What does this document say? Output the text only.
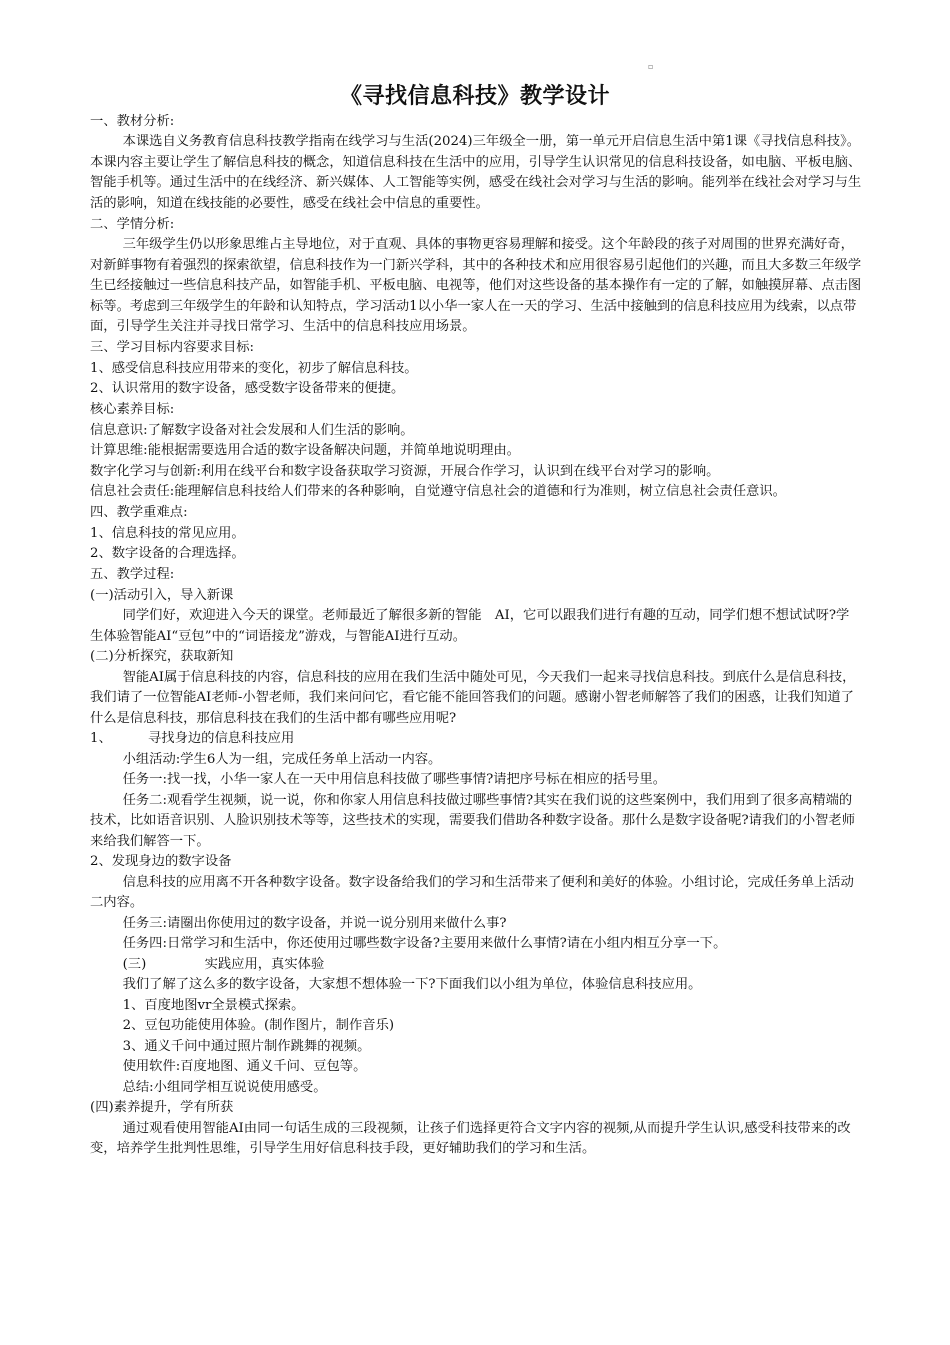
▫
《寻找信息科技》教学设计

一、教材分析:

本课选自义务教育信息科技教学指南在线学习与生活(2024)三年级全一册，第一单元开启信息生活中第1课《寻找信息科技》。本课内容主要让学生了解信息科技的概念，知道信息科技在生活中的应用，引导学生认识常见的信息科技设备，如电脑、平板电脑、智能手机等。通过生活中的在线经济、新兴媒体、人工智能等实例，感受在线社会对学习与生活的影响。能列举在线社会对学习与生活的影响，知道在线技能的必要性，感受在线社会中信息的重要性。

二、学情分析:

三年级学生仍以形象思维占主导地位，对于直观、具体的事物更容易理解和接受。这个年龄段的孩子对周围的世界充满好奇，对新鲜事物有着强烈的探索欲望，信息科技作为一门新兴学科，其中的各种技术和应用很容易引起他们的兴趣，而且大多数三年级学生已经接触过一些信息科技产品，如智能手机、平板电脑、电视等，他们对这些设备的基本操作有一定的了解，如触摸屏幕、点击图标等。考虑到三年级学生的年龄和认知特点，学习活动1以小华一家人在一天的学习、生活中接触到的信息科技应用为线索，以点带面，引导学生关注并寻找日常学习、生活中的信息科技应用场景。

三、学习目标内容要求目标:

1、感受信息科技应用带来的变化，初步了解信息科技。

2、认识常用的数字设备，感受数字设备带来的便捷。

核心素养目标:

信息意识:了解数字设备对社会发展和人们生活的影响。

计算思维:能根据需要选用合适的数字设备解决问题，并简单地说明理由。

数字化学习与创新:利用在线平台和数字设备获取学习资源，开展合作学习，认识到在线平台对学习的影响。

信息社会责任:能理解信息科技给人们带来的各种影响，自觉遵守信息社会的道德和行为准则，树立信息社会责任意识。

四、教学重难点:

1、信息科技的常见应用。

2、数字设备的合理选择。

五、教学过程:

(一)活动引入，导入新课

同学们好，欢迎进入今天的课堂。老师最近了解很多新的智能　AI，它可以跟我们进行有趣的互动，同学们想不想试试呀?学生体验智能AI“豆包”中的“词语接龙”游戏，与智能AI进行互动。

(二)分析探究，获取新知

智能AI属于信息科技的内容，信息科技的应用在我们生活中随处可见，今天我们一起来寻找信息科技。到底什么是信息科技，我们请了一位智能AI老师-小智老师，我们来问问它，看它能不能回答我们的问题。感谢小智老师解答了我们的困惑，让我们知道了什么是信息科技，那信息科技在我们的生活中都有哪些应用呢?

1、	寻找身边的信息科技应用

小组活动:学生6人为一组，完成任务单上活动一内容。

任务一:找一找，小华一家人在一天中用信息科技做了哪些事情?请把序号标在相应的括号里。

任务二:观看学生视频，说一说，你和你家人用信息科技做过哪些事情?其实在我们说的这些案例中，我们用到了很多高精端的技术，比如语音识别、人脸识别技术等等，这些技术的实现，需要我们借助各种数字设备。那什么是数字设备呢?请我们的小智老师来给我们解答一下。

2、发现身边的数字设备

信息科技的应用离不开各种数字设备。数字设备给我们的学习和生活带来了便利和美好的体验。小组讨论，完成任务单上活动二内容。

任务三:请圈出你使用过的数字设备，并说一说分别用来做什么事?

任务四:日常学习和生活中，你还使用过哪些数字设备?主要用来做什么事情?请在小组内相互分享一下。

(三)	实践应用，真实体验

我们了解了这么多的数字设备，大家想不想体验一下?下面我们以小组为单位，体验信息科技应用。

1、百度地图vr全景模式探索。

2、豆包功能使用体验。(制作图片，制作音乐)

3、通义千问中通过照片制作跳舞的视频。

使用软件:百度地图、通义千问、豆包等。

总结:小组同学相互说说使用感受。

(四)素养提升，学有所获

通过观看使用智能AI由同一句话生成的三段视频，让孩子们选择更符合文字内容的视频,从而提升学生认识,感受科技带来的改变，培养学生批判性思维，引导学生用好信息科技手段，更好辅助我们的学习和生活。
